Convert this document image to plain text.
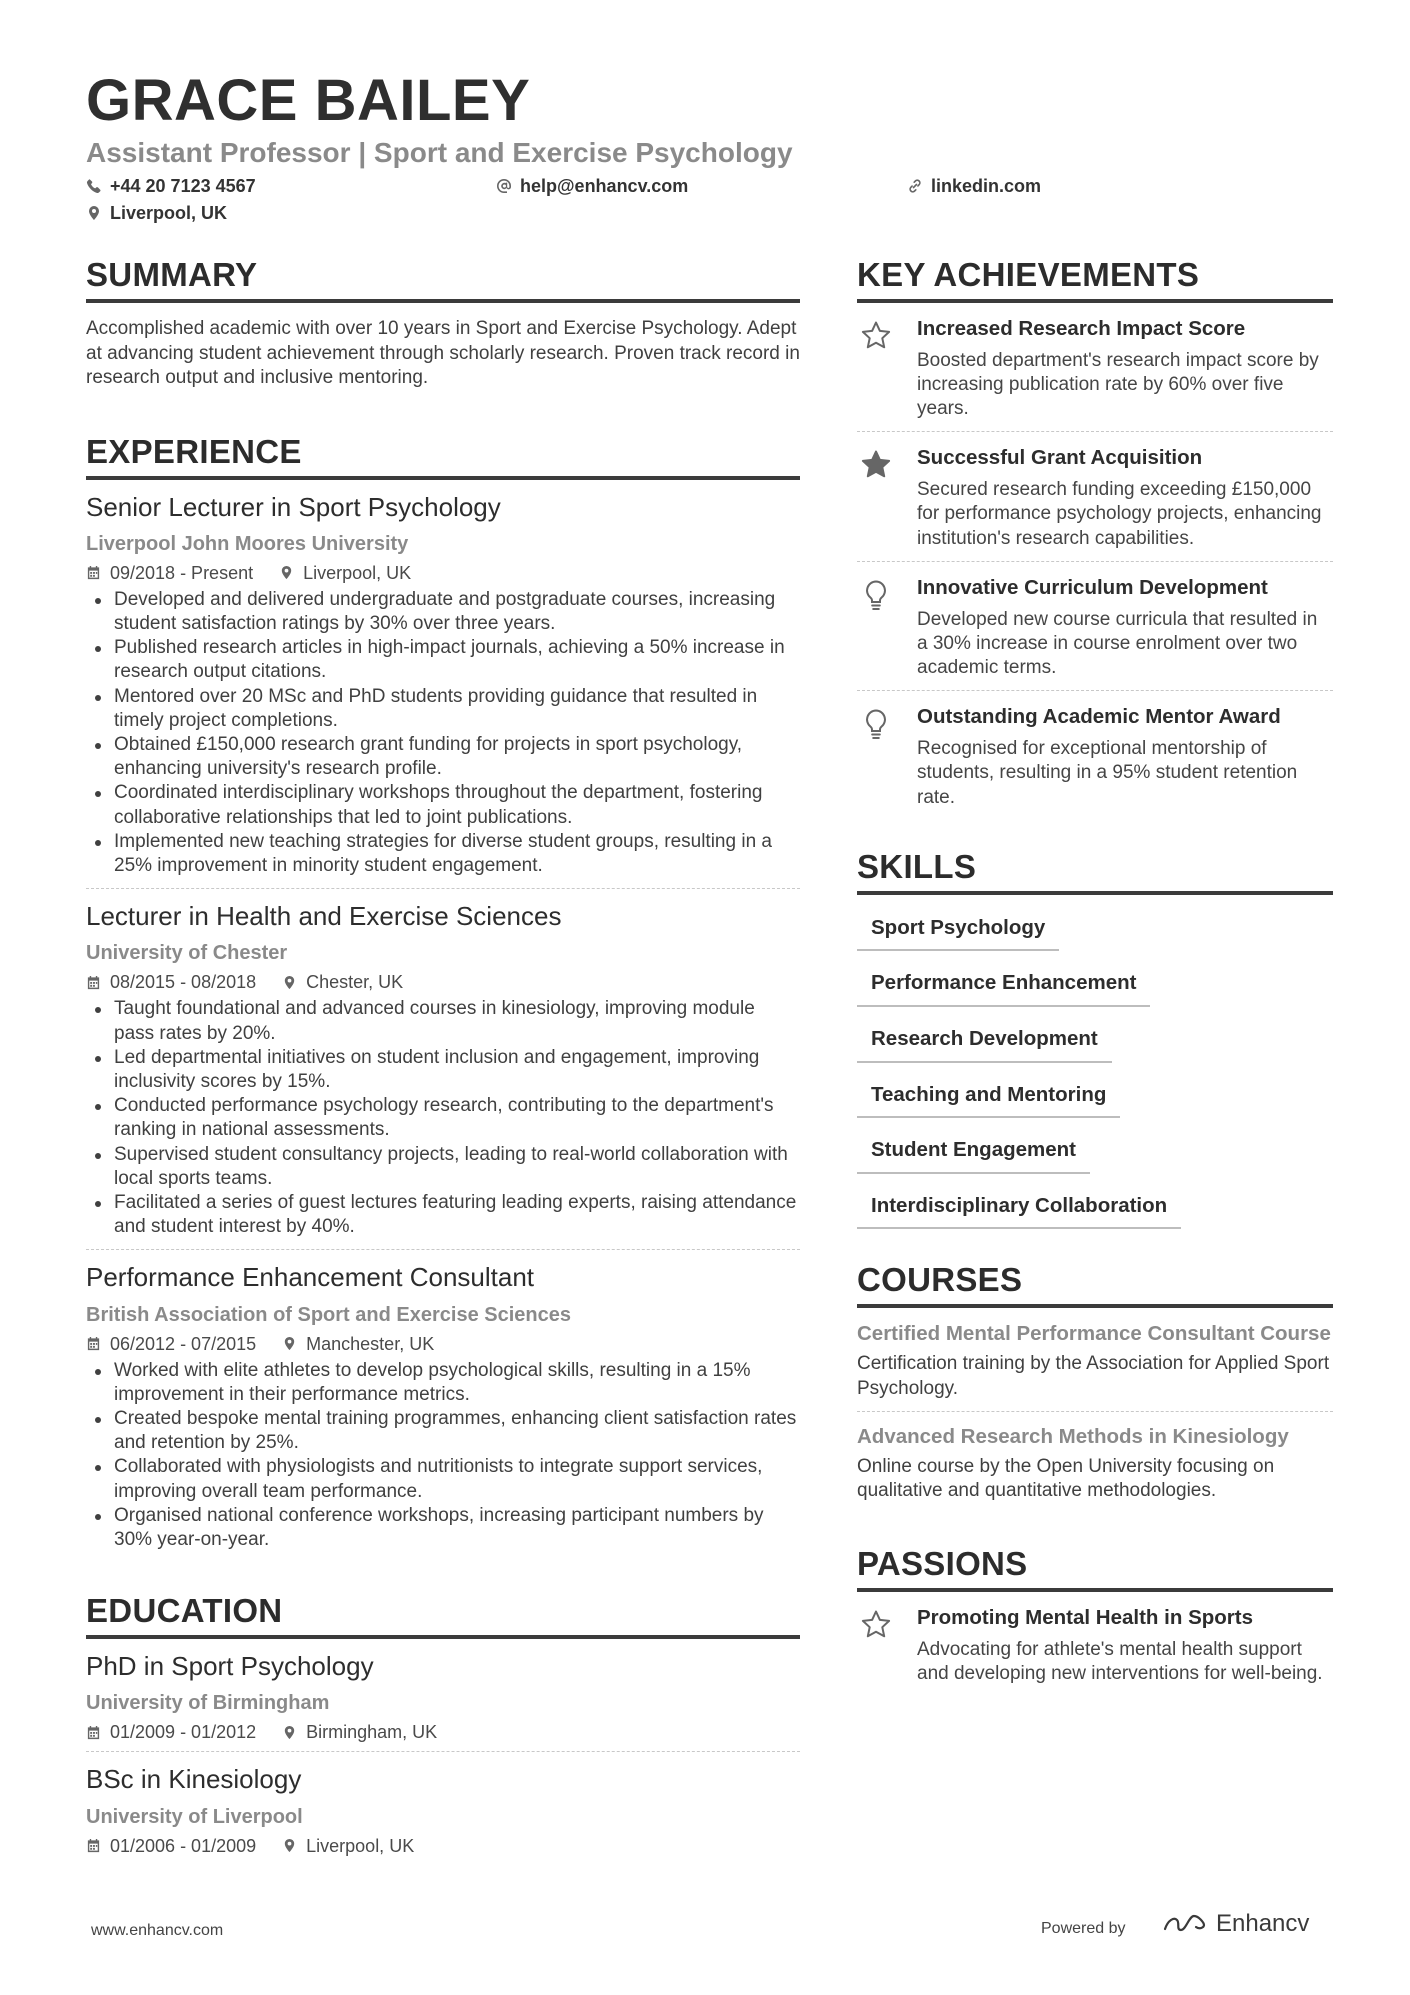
GRACE BAILEY
Assistant Professor | Sport and Exercise Psychology
+44 20 7123 4567	help@enhancv.com	linkedin.com
Liverpool, UK
SUMMARY
Accomplished academic with over 10 years in Sport and Exercise Psychology. Adept at advancing student achievement through scholarly research. Proven track record in research output and inclusive mentoring.
EXPERIENCE
Senior Lecturer in Sport Psychology
Liverpool John Moores University
09/2018 - Present	Liverpool, UK
Developed and delivered undergraduate and postgraduate courses, increasing student satisfaction ratings by 30% over three years.
Published research articles in high-impact journals, achieving a 50% increase in research output citations.
Mentored over 20 MSc and PhD students providing guidance that resulted in timely project completions.
Obtained £150,000 research grant funding for projects in sport psychology, enhancing university's research profile.
Coordinated interdisciplinary workshops throughout the department, fostering collaborative relationships that led to joint publications.
Implemented new teaching strategies for diverse student groups, resulting in a 25% improvement in minority student engagement.
Lecturer in Health and Exercise Sciences
University of Chester
08/2015 - 08/2018	Chester, UK
Taught foundational and advanced courses in kinesiology, improving module pass rates by 20%.
Led departmental initiatives on student inclusion and engagement, improving inclusivity scores by 15%.
Conducted performance psychology research, contributing to the department's ranking in national assessments.
Supervised student consultancy projects, leading to real-world collaboration with local sports teams.
Facilitated a series of guest lectures featuring leading experts, raising attendance and student interest by 40%.
Performance Enhancement Consultant
British Association of Sport and Exercise Sciences
06/2012 - 07/2015	Manchester, UK
Worked with elite athletes to develop psychological skills, resulting in a 15% improvement in their performance metrics.
Created bespoke mental training programmes, enhancing client satisfaction rates and retention by 25%.
Collaborated with physiologists and nutritionists to integrate support services, improving overall team performance.
Organised national conference workshops, increasing participant numbers by 30% year-on-year.
EDUCATION
PhD in Sport Psychology
University of Birmingham
01/2009 - 01/2012	Birmingham, UK
BSc in Kinesiology
University of Liverpool
01/2006 - 01/2009	Liverpool, UK
KEY ACHIEVEMENTS
Increased Research Impact Score
Boosted department's research impact score by increasing publication rate by 60% over five years.
Successful Grant Acquisition
Secured research funding exceeding £150,000 for performance psychology projects, enhancing institution's research capabilities.
Innovative Curriculum Development
Developed new course curricula that resulted in a 30% increase in course enrolment over two academic terms.
Outstanding Academic Mentor Award
Recognised for exceptional mentorship of students, resulting in a 95% student retention rate.
SKILLS
Sport Psychology
Performance Enhancement
Research Development
Teaching and Mentoring
Student Engagement
Interdisciplinary Collaboration
COURSES
Certified Mental Performance Consultant Course
Certification training by the Association for Applied Sport Psychology.
Advanced Research Methods in Kinesiology
Online course by the Open University focusing on qualitative and quantitative methodologies.
PASSIONS
Promoting Mental Health in Sports
Advocating for athlete's mental health support and developing new interventions for well-being.
www.enhancv.com	Powered by	Enhancv
